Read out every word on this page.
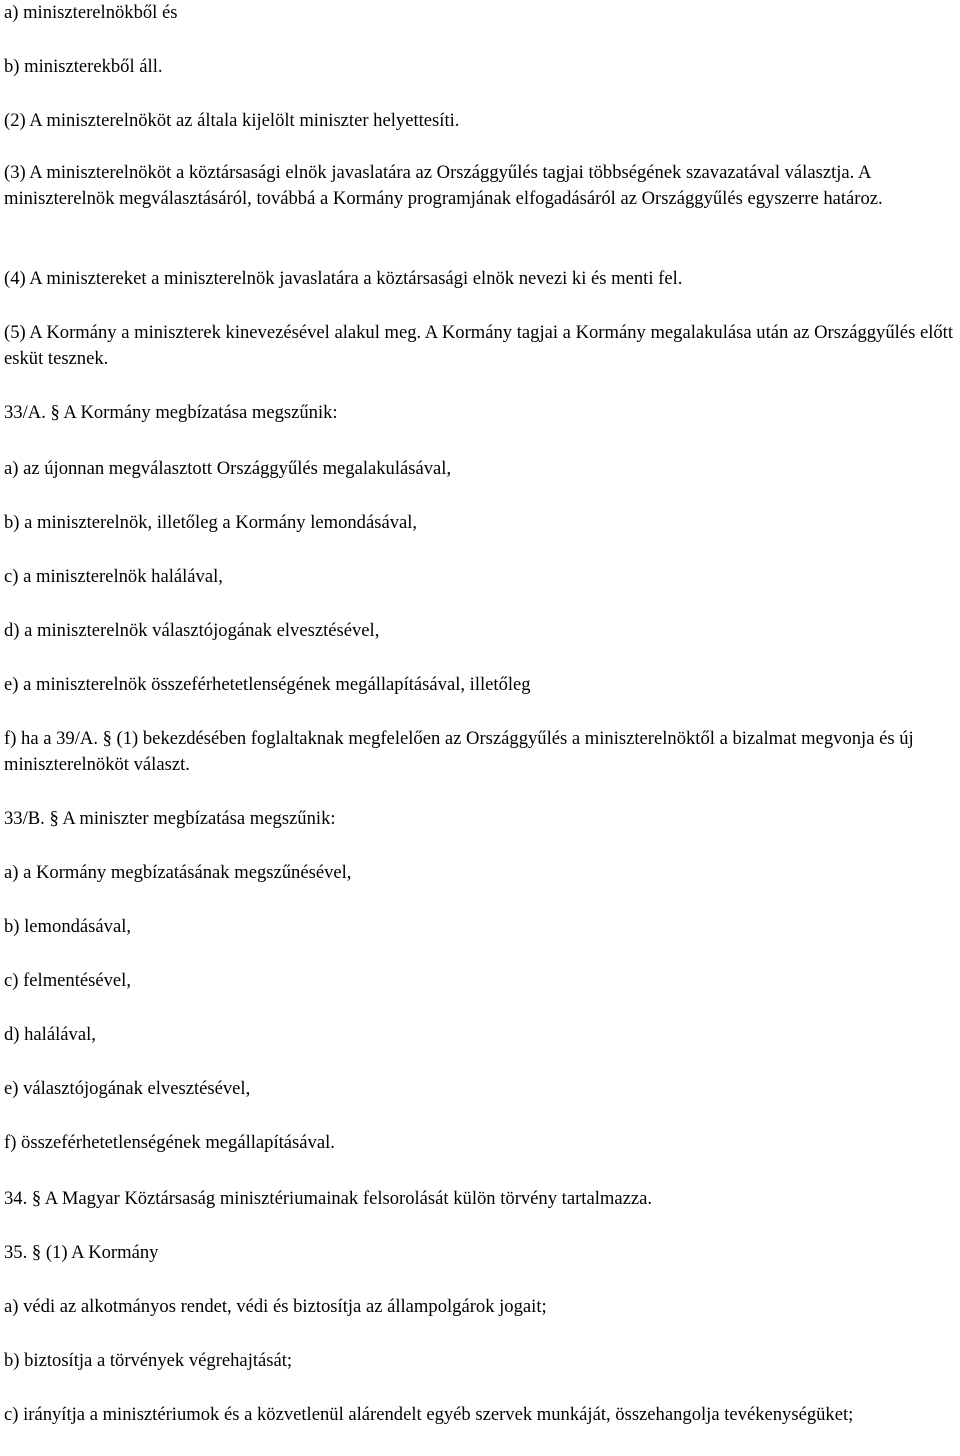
a) miniszterelnökből és

b) miniszterekből áll.

(2) A miniszterelnököt az általa kijelölt miniszter helyettesíti.

(3) A miniszterelnököt a köztársasági elnök javaslatára az Országgyűlés tagjai többségének szavazatával választja. A miniszterelnök megválasztásáról, továbbá a Kormány programjának elfogadásáról az Országgyűlés egyszerre határoz.

(4) A minisztereket a miniszterelnök javaslatára a köztársasági elnök nevezi ki és menti fel.

(5) A Kormány a miniszterek kinevezésével alakul meg. A Kormány tagjai a Kormány megalakulása után az Országgyűlés előtt esküt tesznek.

33/A. § A Kormány megbízatása megszűnik:

a) az újonnan megválasztott Országgyűlés megalakulásával,

b) a miniszterelnök, illetőleg a Kormány lemondásával,

c) a miniszterelnök halálával,

d) a miniszterelnök választójogának elvesztésével,

e) a miniszterelnök összeférhetetlenségének megállapításával, illetőleg

f) ha a 39/A. § (1) bekezdésében foglaltaknak megfelelően az Országgyűlés a miniszterelnöktől a bizalmat megvonja és új miniszterelnököt választ.

33/B. § A miniszter megbízatása megszűnik:

a) a Kormány megbízatásának megszűnésével,

b) lemondásával,

c) felmentésével,

d) halálával,

e) választójogának elvesztésével,

f) összeférhetetlenségének megállapításával.

34. § A Magyar Köztársaság minisztériumainak felsorolását külön törvény tartalmazza.

35. § (1) A Kormány

a) védi az alkotmányos rendet, védi és biztosítja az állampolgárok jogait;

b) biztosítja a törvények végrehajtását;

c) irányítja a minisztériumok és a közvetlenül alárendelt egyéb szervek munkáját, összehangolja tevékenységüket;
